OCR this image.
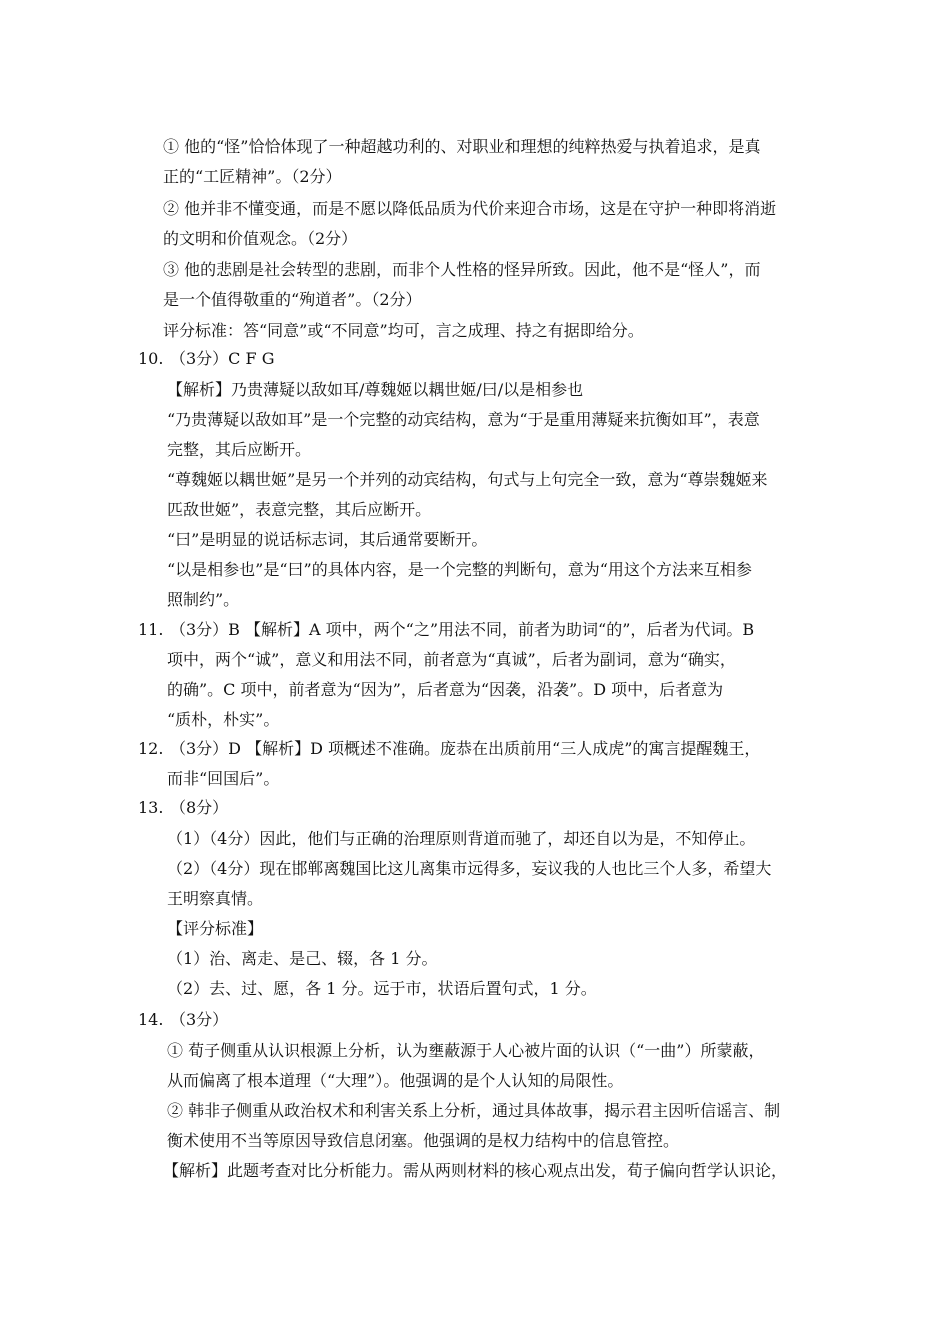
① 他的“怪”恰恰体现了一种超越功利的、对职业和理想的纯粹热爱与执着追求，是真
正的“工匠精神”。（2分）
② 他并非不懂变通，而是不愿以降低品质为代价来迎合市场，这是在守护一种即将消逝
的文明和价值观念。（2分）
③ 他的悲剧是社会转型的悲剧，而非个人性格的怪异所致。因此，他不是“怪人”，而
是一个值得敬重的“殉道者”。（2分）
评分标准：答“同意”或“不同意”均可，言之成理、持之有据即给分。
10. （3分）C F G
【解析】乃贵薄疑以敌如耳/尊魏姬以耦世姬/曰/以是相参也
“乃贵薄疑以敌如耳”是一个完整的动宾结构，意为“于是重用薄疑来抗衡如耳”，表意
完整，其后应断开。
“尊魏姬以耦世姬”是另一个并列的动宾结构，句式与上句完全一致，意为“尊崇魏姬来
匹敌世姬”，表意完整，其后应断开。
“曰”是明显的说话标志词，其后通常要断开。
“以是相参也”是“曰”的具体内容，是一个完整的判断句，意为“用这个方法来互相参
照制约”。
11. （3分）B 【解析】A 项中，两个“之”用法不同，前者为助词“的”，后者为代词。B
项中，两个“诚”，意义和用法不同，前者意为“真诚”，后者为副词，意为“确实，
的确”。C 项中，前者意为“因为”，后者意为“因袭，沿袭”。D 项中，后者意为
“质朴，朴实”。
12. （3分）D 【解析】D 项概述不准确。庞恭在出质前用“三人成虎”的寓言提醒魏王，
而非“回国后”。
13. （8分）
（1）（4分）因此，他们与正确的治理原则背道而驰了，却还自以为是，不知停止。
（2）（4分）现在邯郸离魏国比这儿离集市远得多，妄议我的人也比三个人多，希望大
王明察真情。
【评分标准】
（1）治、离走、是己、辍，各 1 分。
（2）去、过、愿，各 1 分。远于市，状语后置句式，1 分。
14. （3分）
① 荀子侧重从认识根源上分析，认为壅蔽源于人心被片面的认识（“一曲”）所蒙蔽，
从而偏离了根本道理（“大理”）。他强调的是个人认知的局限性。
② 韩非子侧重从政治权术和利害关系上分析，通过具体故事，揭示君主因听信谣言、制
衡术使用不当等原因导致信息闭塞。他强调的是权力结构中的信息管控。
【解析】此题考查对比分析能力。需从两则材料的核心观点出发，荀子偏向哲学认识论，
